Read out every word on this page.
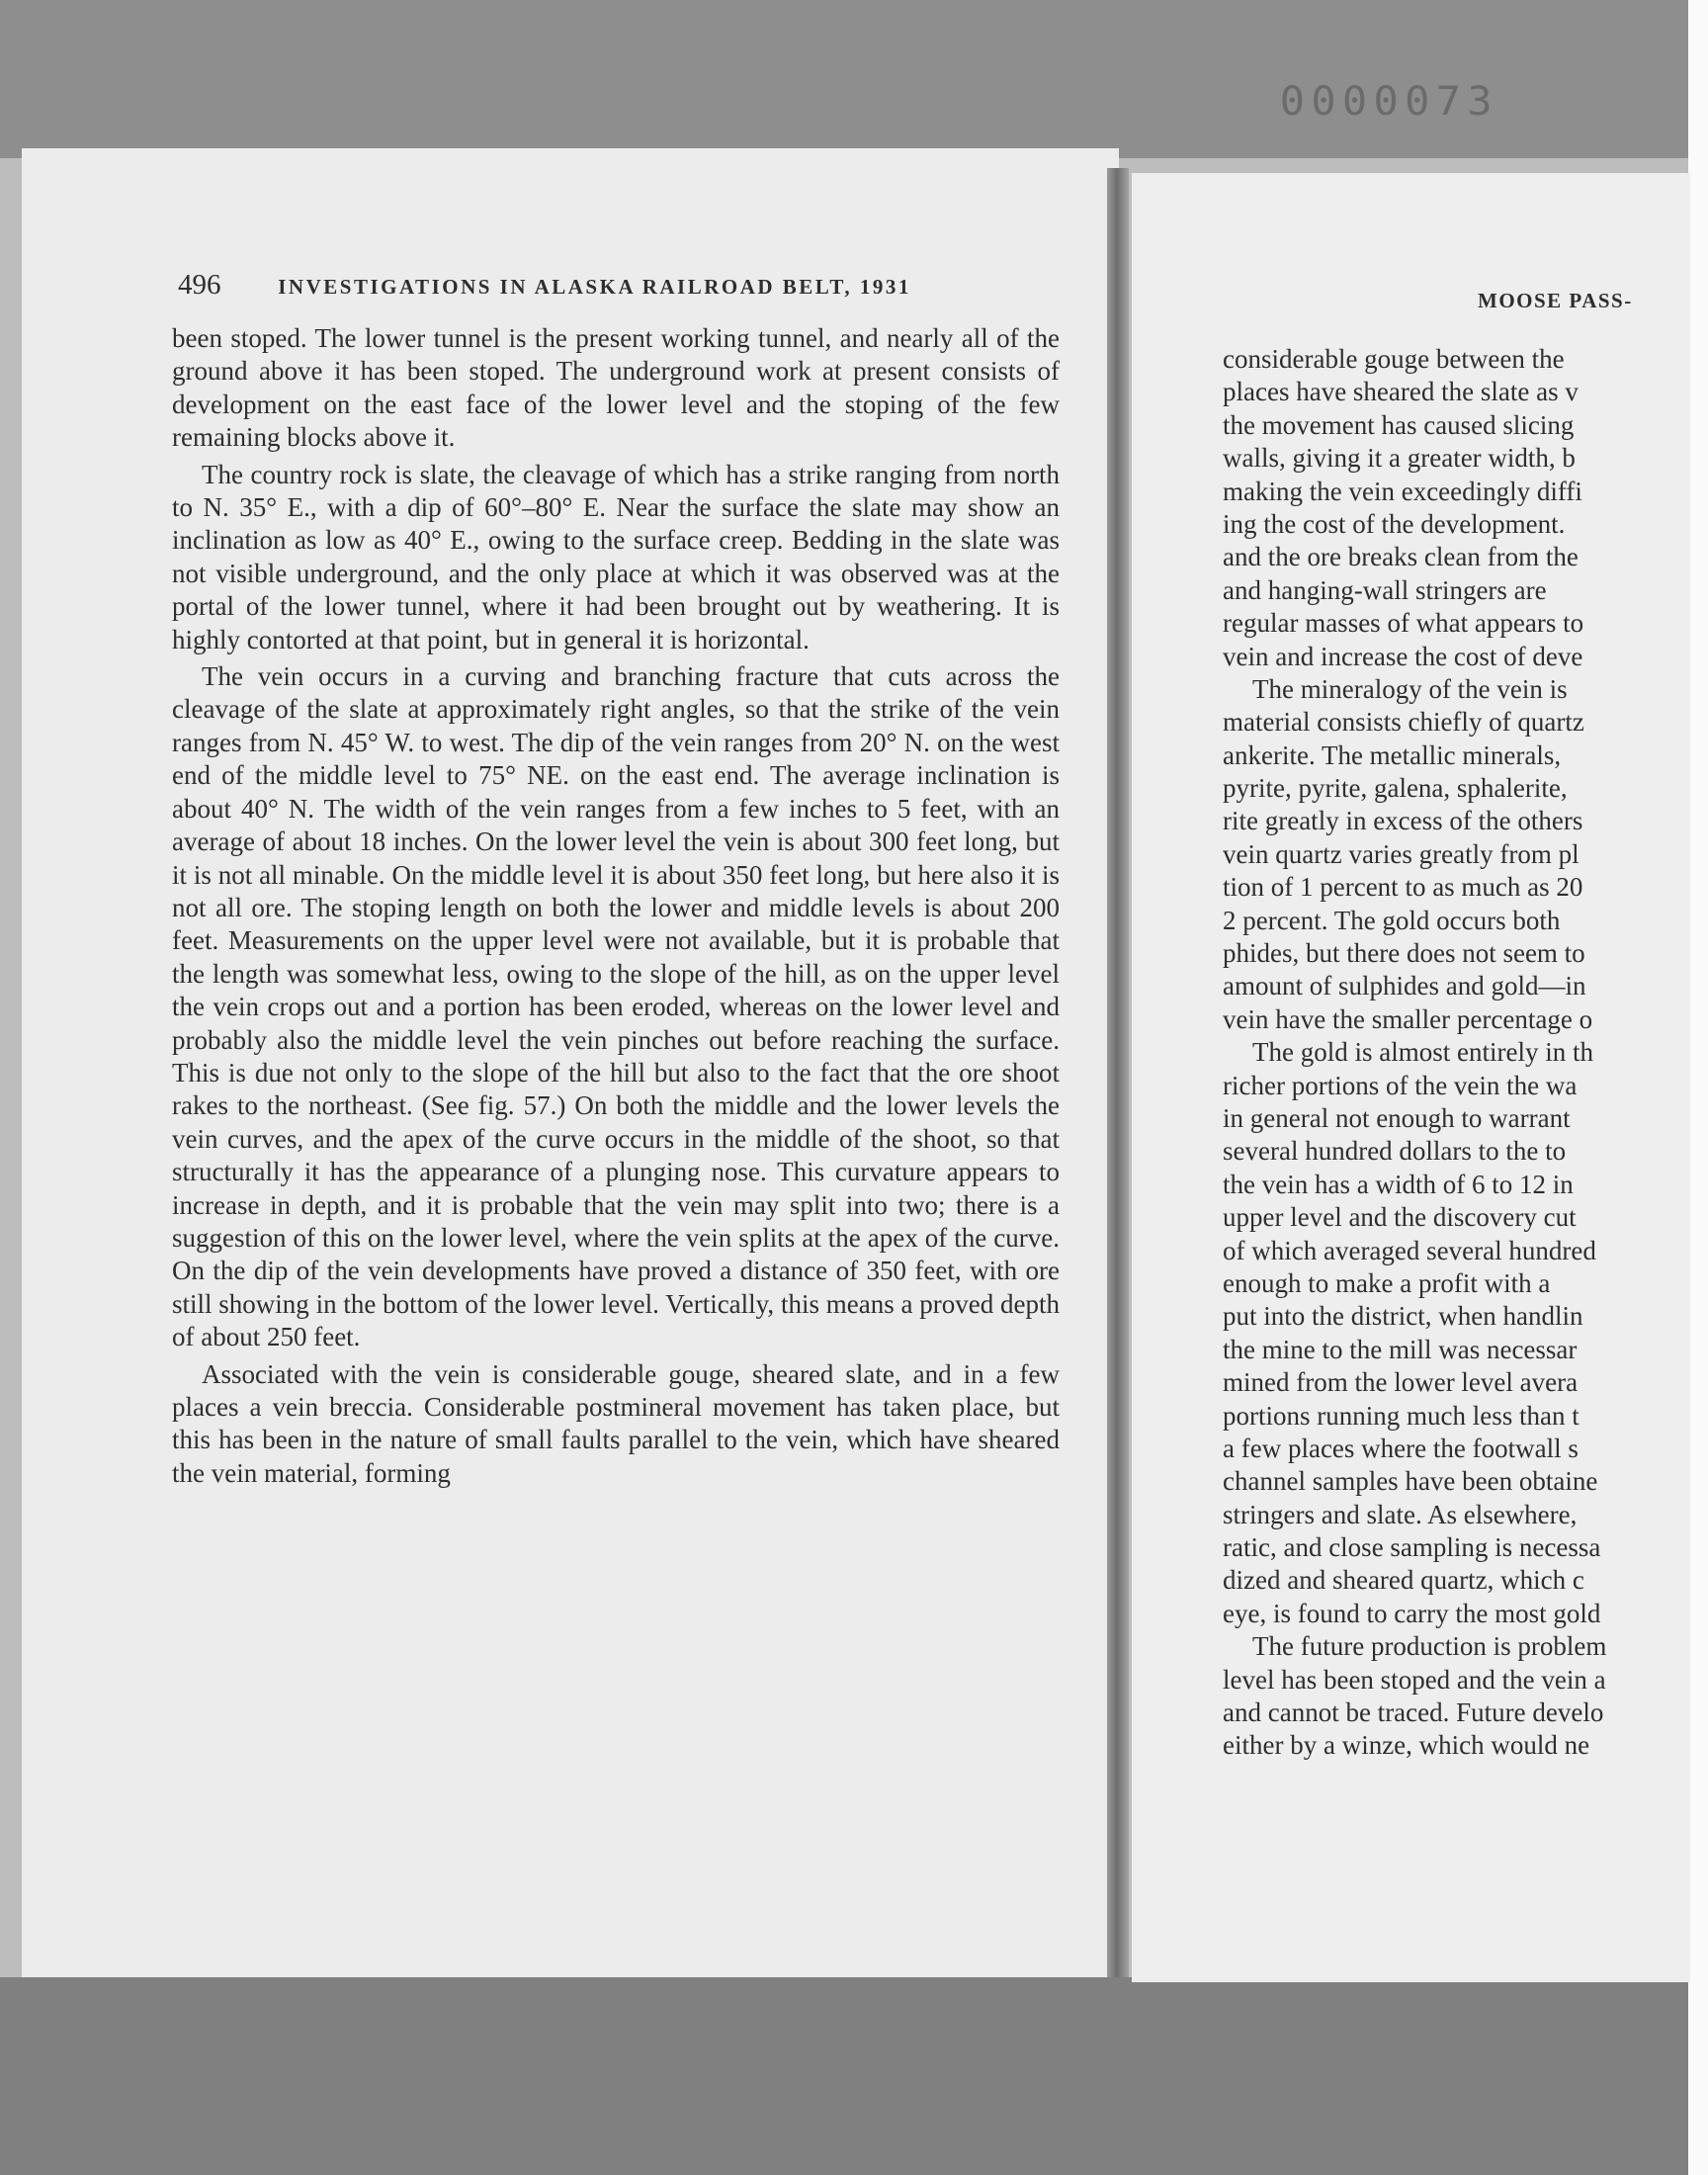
0000073
496	INVESTIGATIONS IN ALASKA RAILROAD BELT, 1931

been stoped. The lower tunnel is the present working tunnel, and nearly all of the ground above it has been stoped. The underground work at present consists of development on the east face of the lower level and the stoping of the few remaining blocks above it.

The country rock is slate, the cleavage of which has a strike ranging from north to N. 35° E., with a dip of 60°–80° E. Near the surface the slate may show an inclination as low as 40° E., owing to the surface creep. Bedding in the slate was not visible underground, and the only place at which it was observed was at the portal of the lower tunnel, where it had been brought out by weathering. It is highly contorted at that point, but in general it is horizontal.

The vein occurs in a curving and branching fracture that cuts across the cleavage of the slate at approximately right angles, so that the strike of the vein ranges from N. 45° W. to west. The dip of the vein ranges from 20° N. on the west end of the middle level to 75° NE. on the east end. The average inclination is about 40° N. The width of the vein ranges from a few inches to 5 feet, with an average of about 18 inches. On the lower level the vein is about 300 feet long, but it is not all minable. On the middle level it is about 350 feet long, but here also it is not all ore. The stoping length on both the lower and middle levels is about 200 feet. Measurements on the upper level were not available, but it is probable that the length was somewhat less, owing to the slope of the hill, as on the upper level the vein crops out and a portion has been eroded, whereas on the lower level and probably also the middle level the vein pinches out before reaching the surface. This is due not only to the slope of the hill but also to the fact that the ore shoot rakes to the northeast. (See fig. 57.) On both the middle and the lower levels the vein curves, and the apex of the curve occurs in the middle of the shoot, so that structurally it has the appearance of a plunging nose. This curvature appears to increase in depth, and it is probable that the vein may split into two; there is a suggestion of this on the lower level, where the vein splits at the apex of the curve. On the dip of the vein developments have proved a distance of 350 feet, with ore still showing in the bottom of the lower level. Vertically, this means a proved depth of about 250 feet.

Associated with the vein is considerable gouge, sheared slate, and in a few places a vein breccia. Considerable postmineral movement has taken place, but this has been in the nature of small faults parallel to the vein, which have sheared the vein material, forming

MOOSE PASS-
considerable gouge between the
places have sheared the slate as v
the movement has caused slicing
walls, giving it a greater width, b
making the vein exceedingly diffi
ing the cost of the development.
and the ore breaks clean from the
and hanging-wall stringers are
regular masses of what appears to
vein and increase the cost of deve
The mineralogy of the vein is
material consists chiefly of quartz
ankerite. The metallic minerals,
pyrite, pyrite, galena, sphalerite,
rite greatly in excess of the others
vein quartz varies greatly from pl
tion of 1 percent to as much as 20
2 percent. The gold occurs both
phides, but there does not seem to
amount of sulphides and gold—in
vein have the smaller percentage o
The gold is almost entirely in th
richer portions of the vein the wa
in general not enough to warrant
several hundred dollars to the to
the vein has a width of 6 to 12 in
upper level and the discovery cut
of which averaged several hundred
enough to make a profit with a
put into the district, when handlin
the mine to the mill was necessar
mined from the lower level avera
portions running much less than t
a few places where the footwall s
channel samples have been obtaine
stringers and slate. As elsewhere,
ratic, and close sampling is necessa
dized and sheared quartz, which c
eye, is found to carry the most gold
The future production is problem
level has been stoped and the vein a
and cannot be traced. Future develo
either by a winze, which would ne
